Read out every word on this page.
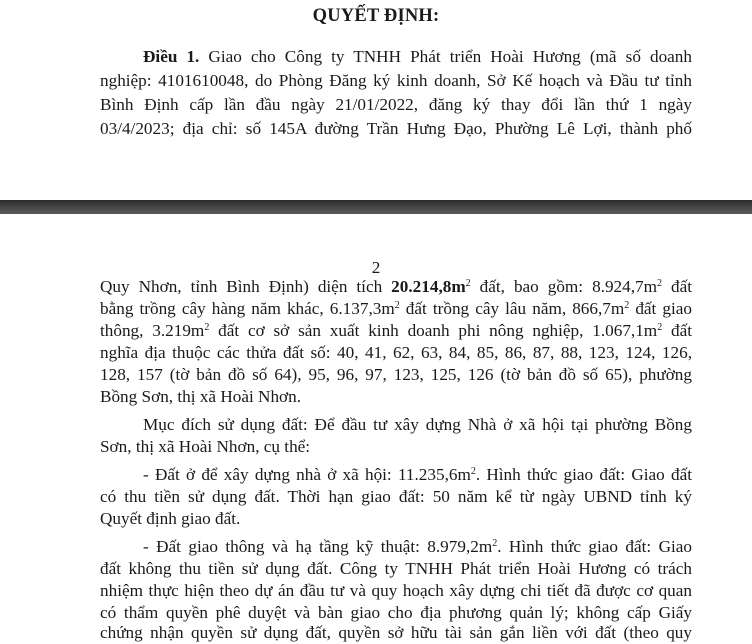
QUYẾT ĐỊNH:
Điều 1. Giao cho Công ty TNHH Phát triển Hoài Hương (mã số doanh
nghiệp: 4101610048, do Phòng Đăng ký kinh doanh, Sở Kế hoạch và Đầu tư tỉnh
Bình Định cấp lần đầu ngày 21/01/2022, đăng ký thay đổi lần thứ 1 ngày
03/4/2023; địa chỉ: số 145A đường Trần Hưng Đạo, Phường Lê Lợi, thành phố
2
Quy Nhơn, tỉnh Bình Định) diện tích $20.214,8m^2$ đất, bao gồm: $8.924,7m^2$ đất
bằng trồng cây hàng năm khác, $6.137,3m^2$ đất trồng cây lâu năm, $866,7m^2$ đất giao
thông, $3.219m^2$ đất cơ sở sản xuất kinh doanh phi nông nghiệp, $1.067,1m^2$ đất
nghĩa địa thuộc các thửa đất số: 40, 41, 62, 63, 84, 85, 86, 87, 88, 123, 124, 126,
128, 157 (tờ bản đồ số 64), 95, 96, 97, 123, 125, 126 (tờ bản đồ số 65), phường
Bồng Sơn, thị xã Hoài Nhơn.
Mục đích sử dụng đất: Để đầu tư xây dựng Nhà ở xã hội tại phường Bồng
Sơn, thị xã Hoài Nhơn, cụ thể:
- Đất ở để xây dựng nhà ở xã hội: $11.235,6m^2$. Hình thức giao đất: Giao đất
có thu tiền sử dụng đất. Thời hạn giao đất: 50 năm kể từ ngày UBND tỉnh ký
Quyết định giao đất.
- Đất giao thông và hạ tầng kỹ thuật: $8.979,2m^2$. Hình thức giao đất: Giao
đất không thu tiền sử dụng đất. Công ty TNHH Phát triển Hoài Hương có trách
nhiệm thực hiện theo dự án đầu tư và quy hoạch xây dựng chi tiết đã được cơ quan
có thẩm quyền phê duyệt và bàn giao cho địa phương quản lý; không cấp Giấy
chứng nhận quyền sử dụng đất, quyền sở hữu tài sản gắn liền với đất (theo quy
